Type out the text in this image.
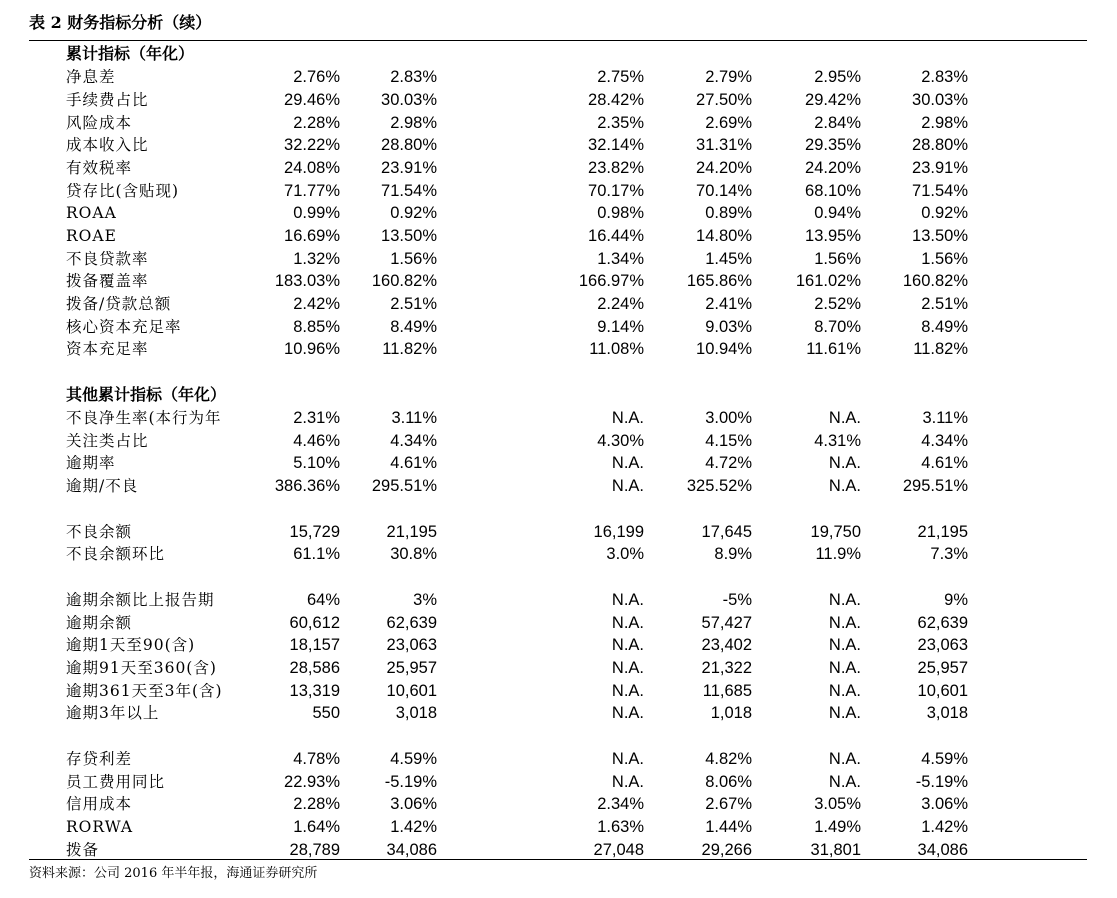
表 2 财务指标分析（续）
累计指标（年化）
其他累计指标（年化）
净息差	2.76%	2.83%	2.75%	2.79%	2.95%	2.83%
手续费占比	29.46% 30.03%	28.42%	27.50%	29.42%	30.03%
风险成本	2.28%	2.98%	2.35%	2.69%	2.84%	2.98%
成本收入比	32.22% 28.80%	32.14%	31.31%	29.35%	28.80%
有效税率	24.08% 23.91%	23.82%	24.20%	24.20%	23.91%
贷存比(含贴现)	71.77% 71.54%	70.17%	70.14%	68.10%	71.54%
ROAA	0.99%	0.92%	0.98%	0.89%	0.94%	0.92%
ROAE	16.69% 13.50%	16.44%	14.80%	13.95%	13.50%
不良贷款率	1.32%	1.56%	1.34%	1.45%	1.56%	1.56%
拨备覆盖率	183.03% 160.82%	166.97%	165.86%	161.02%	160.82%
拨备/贷款总额	2.42%	2.51%	2.24%	2.41%	2.52%	2.51%
核心资本充足率	8.85%	8.49%	9.14%	9.03%	8.70%	8.49%
资本充足率	10.96%	11.82%	11.08%	10.94%	11.61%	11.82%
不良净生率(本行为年	2.31%	3.11%	N.A.	3.00%	N.A.	3.11%
关注类占比	4.46%	4.34%	4.30%	4.15%	4.31%	4.34%
逾期率	5.10%	4.61%	N.A.	4.72%	N.A.	4.61%
逾期/不良	386.36% 295.51%	N.A.	325.52%	N.A.	295.51%
不良余额	15,729	21,195	16,199	17,645	19,750	21,195
不良余额环比	61.1%	30.8%	3.0%	8.9%	11.9%	7.3%
逾期余额比上报告期	64%	3%	N.A.	-5%	N.A.	9%
逾期余额	60,612	62,639	N.A.	57,427	N.A.	62,639
逾期1天至90(含)	18,157	23,063	N.A.	23,402	N.A.	23,063
逾期91天至360(含)	28,586	25,957	N.A.	21,322	N.A.	25,957
逾期361天至3年(含)	13,319	10,601	N.A.	11,685	N.A.	10,601
逾期3年以上	550	3,018	N.A.	1,018	N.A.	3,018
存贷利差	4.78%	4.59%	N.A.	4.82%	N.A.	4.59%
员工费用同比	22.93%	-5.19%	N.A.	8.06%	N.A.	-5.19%
信用成本	2.28%	3.06%	2.34%	2.67%	3.05%	3.06%
RORWA	1.64%	1.42%	1.63%	1.44%	1.49%	1.42%
拨备	28,789	34,086	27,048	29,266	31,801	34,086
资料来源：公司 2016 年半年报，海通证券研究所
